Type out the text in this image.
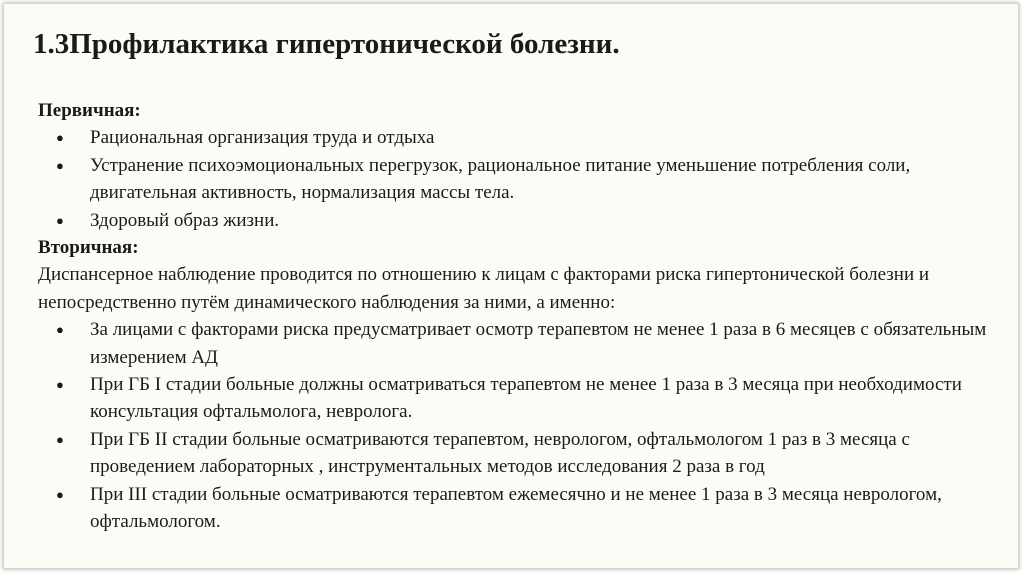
1.3Профилактика гипертонической болезни.

Первичная:

● Рациональная организация труда и отдыха
● Устранение психоэмоциональных перегрузок, рациональное питание уменьшение потребления соли, двигательная активность, нормализация массы тела.
● Здоровый образ жизни.

Вторичная:

Диспансерное наблюдение проводится по отношению к лицам с факторами риска гипертонической болезни и непосредственно путём динамического наблюдения за ними, а именно:

● За лицами с факторами риска предусматривает осмотр терапевтом не менее 1 раза в 6 месяцев с обязательным измерением АД
● При ГБ I стадии больные должны осматриваться терапевтом не менее 1 раза в 3 месяца при необходимости консультация офтальмолога, невролога.
● При ГБ II стадии больные осматриваются терапевтом, неврологом, офтальмологом 1 раз в 3 месяца с проведением лабораторных , инструментальных методов исследования 2 раза в год
● При III стадии больные осматриваются терапевтом ежемесячно и не менее 1 раза в 3 месяца неврологом, офтальмологом.
